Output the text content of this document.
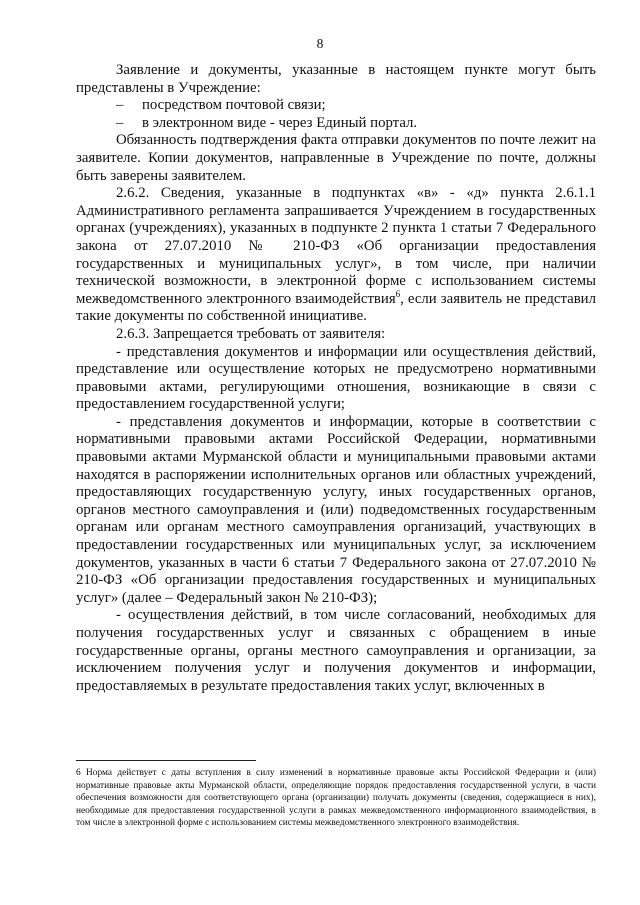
8

Заявление и документы, указанные в настоящем пункте могут быть представлены в Учреждение:

– посредством почтовой связи;

– в электронном виде - через Единый портал.

Обязанность подтверждения факта отправки документов по почте лежит на заявителе. Копии документов, направленные в Учреждение по почте, должны быть заверены заявителем.

2.6.2. Сведения, указанные в подпунктах «в» - «д» пункта 2.6.1.1 Административного регламента запрашивается Учреждением в государственных органах (учреждениях), указанных в подпункте 2 пункта 1 статьи 7 Федерального закона от 27.07.2010 № 210-ФЗ «Об организации предоставления государственных и муниципальных услуг», в том числе, при наличии технической возможности, в электронной форме с использованием системы межведомственного электронного взаимодействия$^6$, если заявитель не представил такие документы по собственной инициативе.

2.6.3. Запрещается требовать от заявителя:

- представления документов и информации или осуществления действий, представление или осуществление которых не предусмотрено нормативными правовыми актами, регулирующими отношения, возникающие в связи с предоставлением государственной услуги;

- представления документов и информации, которые в соответствии с нормативными правовыми актами Российской Федерации, нормативными правовыми актами Мурманской области и муниципальными правовыми актами находятся в распоряжении исполнительных органов или областных учреждений, предоставляющих государственную услугу, иных государственных органов, органов местного самоуправления и (или) подведомственных государственным органам или органам местного самоуправления организаций, участвующих в предоставлении государственных или муниципальных услуг, за исключением документов, указанных в части 6 статьи 7 Федерального закона от 27.07.2010 № 210-ФЗ «Об организации предоставления государственных и муниципальных услуг» (далее – Федеральный закон № 210-ФЗ);

- осуществления действий, в том числе согласований, необходимых для получения государственных услуг и связанных с обращением в иные государственные органы, органы местного самоуправления и организации, за исключением получения услуг и получения документов и информации, предоставляемых в результате предоставления таких услуг, включенных в

6 Норма действует с даты вступления в силу изменений в нормативные правовые акты Российской Федерации и (или) нормативные правовые акты Мурманской области, определяющие порядок предоставления государственной услуги, в части обеспечения возможности для соответствующего органа (организации) получать документы (сведения, содержащиеся в них), необходимые для предоставления государственной услуги в рамках межведомственного информационного взаимодействия, в том числе в электронной форме с использованием системы межведомственного электронного взаимодействия.
